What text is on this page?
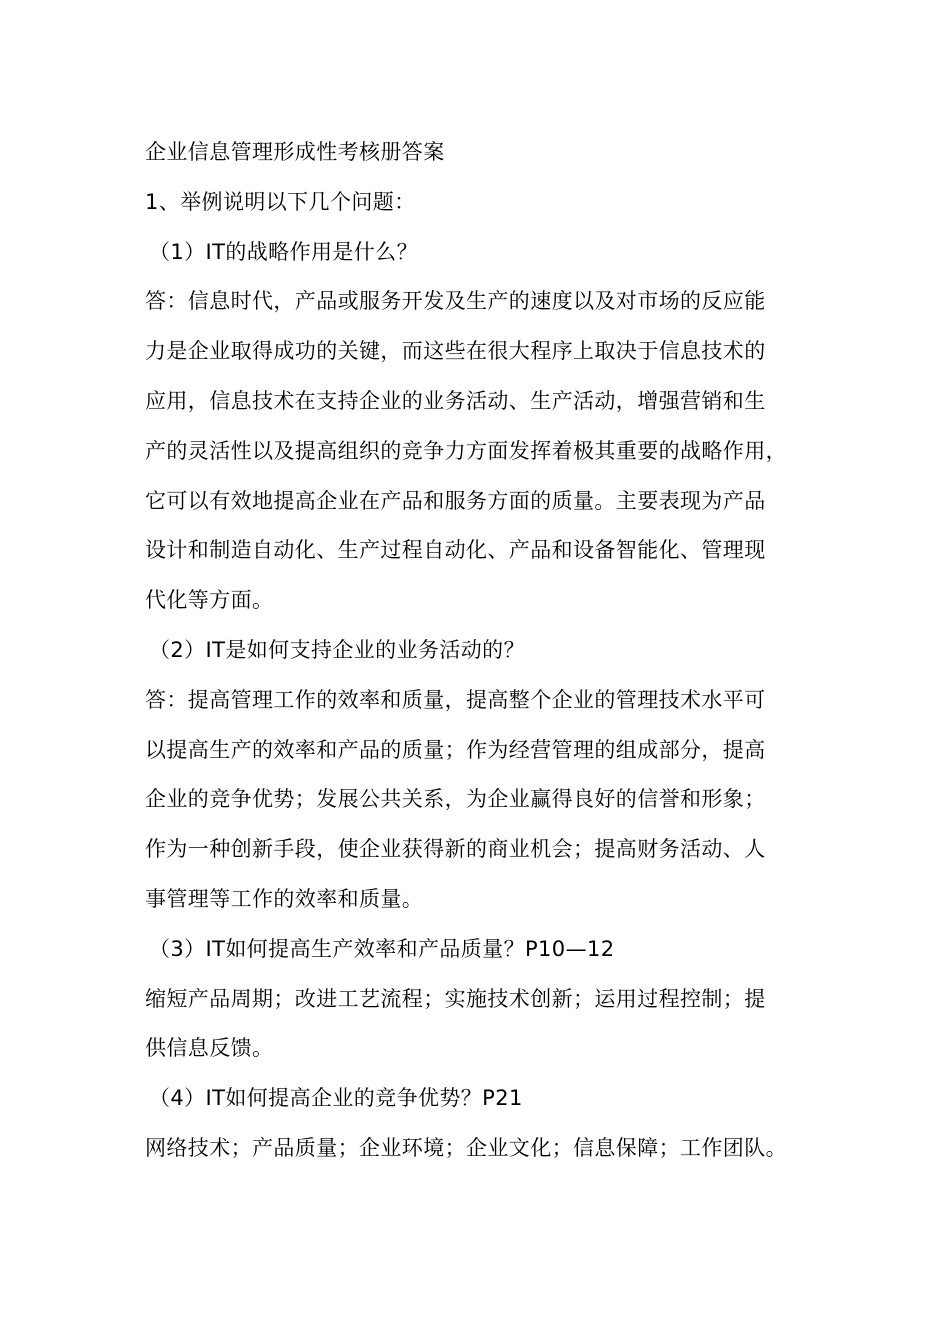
企业信息管理形成性考核册答案
1、举例说明以下几个问题：
（1）IT的战略作用是什么？
答：信息时代，产品或服务开发及生产的速度以及对市场的反应能
力是企业取得成功的关键，而这些在很大程序上取决于信息技术的
应用，信息技术在支持企业的业务活动、生产活动，增强营销和生
产的灵活性以及提高组织的竞争力方面发挥着极其重要的战略作用，
它可以有效地提高企业在产品和服务方面的质量。主要表现为产品
设计和制造自动化、生产过程自动化、产品和设备智能化、管理现
代化等方面。
（2）IT是如何支持企业的业务活动的？
答：提高管理工作的效率和质量，提高整个企业的管理技术水平可
以提高生产的效率和产品的质量；作为经营管理的组成部分，提高
企业的竞争优势；发展公共关系，为企业赢得良好的信誉和形象；
作为一种创新手段，使企业获得新的商业机会；提高财务活动、人
事管理等工作的效率和质量。
（3）IT如何提高生产效率和产品质量？P10—12
缩短产品周期；改进工艺流程；实施技术创新；运用过程控制；提
供信息反馈。
（4）IT如何提高企业的竞争优势？P21
网络技术；产品质量；企业环境；企业文化；信息保障；工作团队。
